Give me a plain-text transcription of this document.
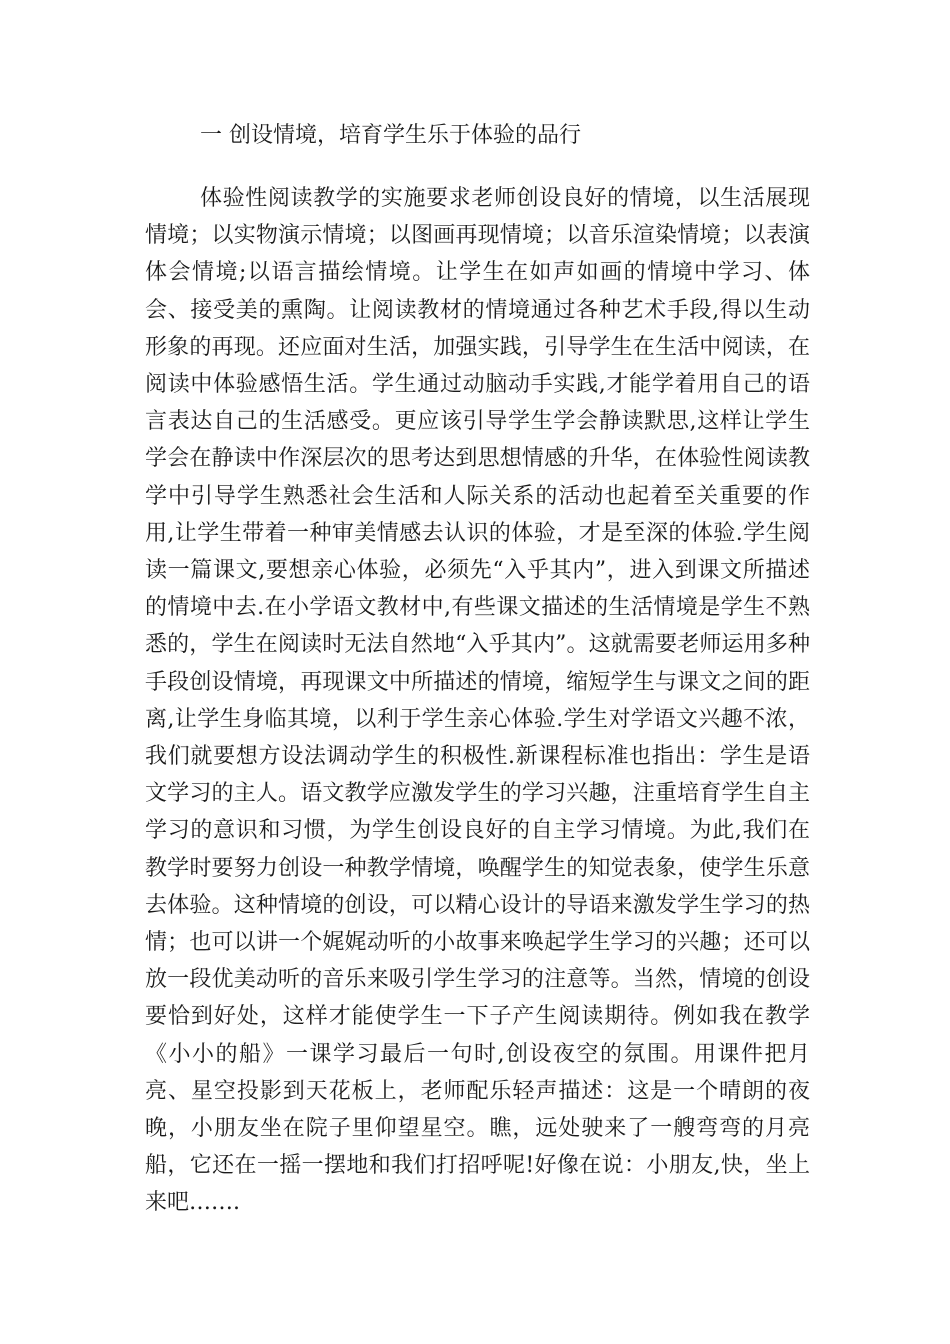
一 创设情境，培育学生乐于体验的品行

体验性阅读教学的实施要求老师创设良好的情境，以生活展现情境；以实物演示情境；以图画再现情境；以音乐渲染情境；以表演体会情境;以语言描绘情境。让学生在如声如画的情境中学习、体会、接受美的熏陶。让阅读教材的情境通过各种艺术手段,得以生动形象的再现。还应面对生活，加强实践，引导学生在生活中阅读，在阅读中体验感悟生活。学生通过动脑动手实践,才能学着用自己的语言表达自己的生活感受。更应该引导学生学会静读默思,这样让学生学会在静读中作深层次的思考达到思想情感的升华，在体验性阅读教学中引导学生熟悉社会生活和人际关系的活动也起着至关重要的作用,让学生带着一种审美情感去认识的体验，才是至深的体验.学生阅读一篇课文,要想亲心体验，必须先“入乎其内”，进入到课文所描述的情境中去.在小学语文教材中,有些课文描述的生活情境是学生不熟悉的，学生在阅读时无法自然地“入乎其内”。这就需要老师运用多种手段创设情境，再现课文中所描述的情境，缩短学生与课文之间的距离,让学生身临其境，以利于学生亲心体验.学生对学语文兴趣不浓，我们就要想方设法调动学生的积极性.新课程标准也指出：学生是语文学习的主人。语文教学应激发学生的学习兴趣，注重培育学生自主学习的意识和习惯，为学生创设良好的自主学习情境。为此,我们在教学时要努力创设一种教学情境，唤醒学生的知觉表象，使学生乐意去体验。这种情境的创设，可以精心设计的导语来激发学生学习的热情；也可以讲一个娓娓动听的小故事来唤起学生学习的兴趣；还可以放一段优美动听的音乐来吸引学生学习的注意等。当然，情境的创设要恰到好处，这样才能使学生一下子产生阅读期待。例如我在教学《小小的船》一课学习最后一句时,创设夜空的氛围。用课件把月亮、星空投影到天花板上，老师配乐轻声描述：这是一个晴朗的夜晚，小朋友坐在院子里仰望星空。瞧，远处驶来了一艘弯弯的月亮船，它还在一摇一摆地和我们打招呼呢!好像在说：小朋友,快，坐上来吧…….
